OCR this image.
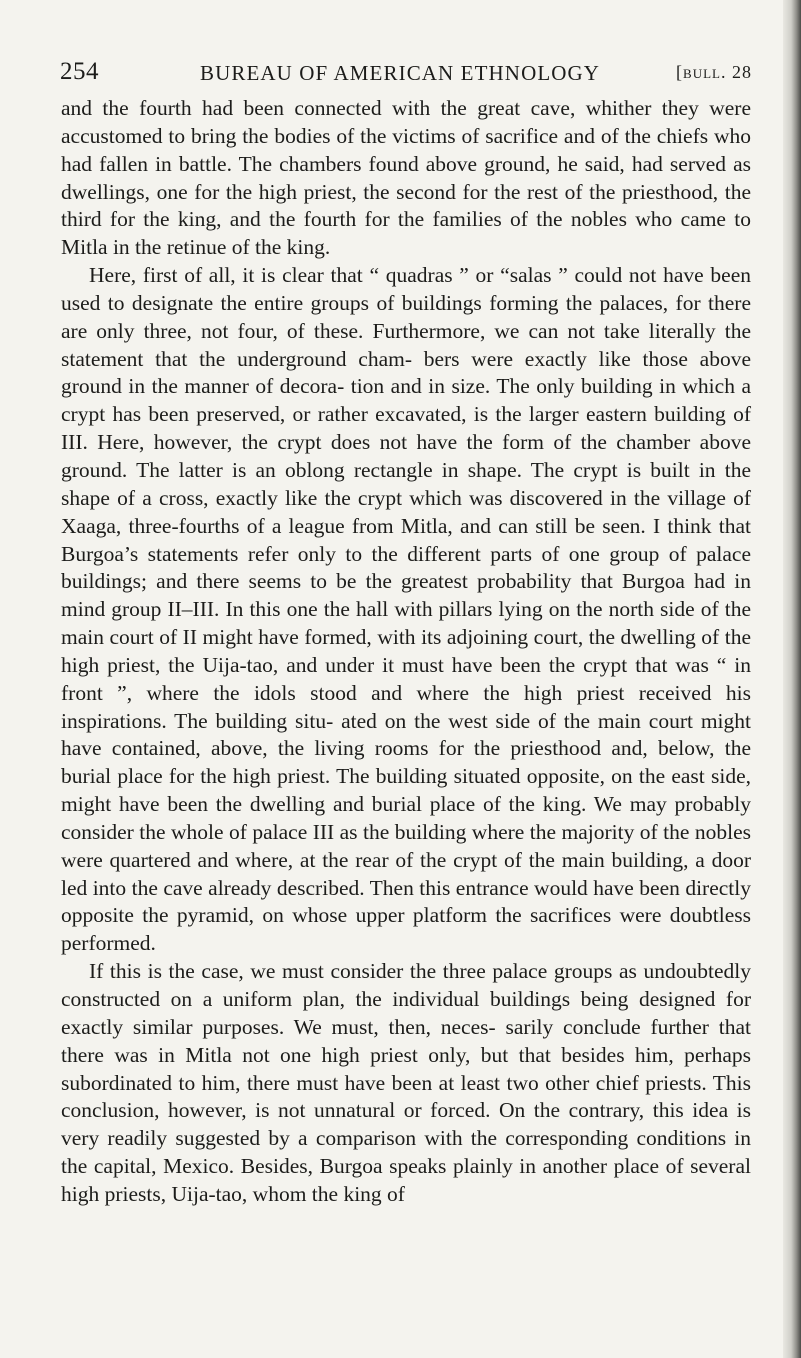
254	BUREAU OF AMERICAN ETHNOLOGY	[bull. 28

and the fourth had been connected with the great cave, whither they were accustomed to bring the bodies of the victims of sacrifice and of the chiefs who had fallen in battle. The chambers found above ground, he said, had served as dwellings, one for the high priest, the second for the rest of the priesthood, the third for the king, and the fourth for the families of the nobles who came to Mitla in the retinue of the king.

Here, first of all, it is clear that “ quadras ” or “salas ” could not have been used to designate the entire groups of buildings forming the palaces, for there are only three, not four, of these. Furthermore, we can not take literally the statement that the underground cham- bers were exactly like those above ground in the manner of decora- tion and in size. The only building in which a crypt has been preserved, or rather excavated, is the larger eastern building of III. Here, however, the crypt does not have the form of the chamber above ground. The latter is an oblong rectangle in shape. The crypt is built in the shape of a cross, exactly like the crypt which was discovered in the village of Xaaga, three-fourths of a league from Mitla, and can still be seen. I think that Burgoa’s statements refer only to the different parts of one group of palace buildings; and there seems to be the greatest probability that Burgoa had in mind group II–III. In this one the hall with pillars lying on the north side of the main court of II might have formed, with its adjoining court, the dwelling of the high priest, the Uija-tao, and under it must have been the crypt that was “ in front ”, where the idols stood and where the high priest received his inspirations. The building situ- ated on the west side of the main court might have contained, above, the living rooms for the priesthood and, below, the burial place for the high priest. The building situated opposite, on the east side, might have been the dwelling and burial place of the king. We may probably consider the whole of palace III as the building where the majority of the nobles were quartered and where, at the rear of the crypt of the main building, a door led into the cave already described. Then this entrance would have been directly opposite the pyramid, on whose upper platform the sacrifices were doubtless performed.

If this is the case, we must consider the three palace groups as undoubtedly constructed on a uniform plan, the individual buildings being designed for exactly similar purposes. We must, then, neces- sarily conclude further that there was in Mitla not one high priest only, but that besides him, perhaps subordinated to him, there must have been at least two other chief priests. This conclusion, however, is not unnatural or forced. On the contrary, this idea is very readily suggested by a comparison with the corresponding conditions in the capital, Mexico. Besides, Burgoa speaks plainly in another place of several high priests, Uija-tao, whom the king of
